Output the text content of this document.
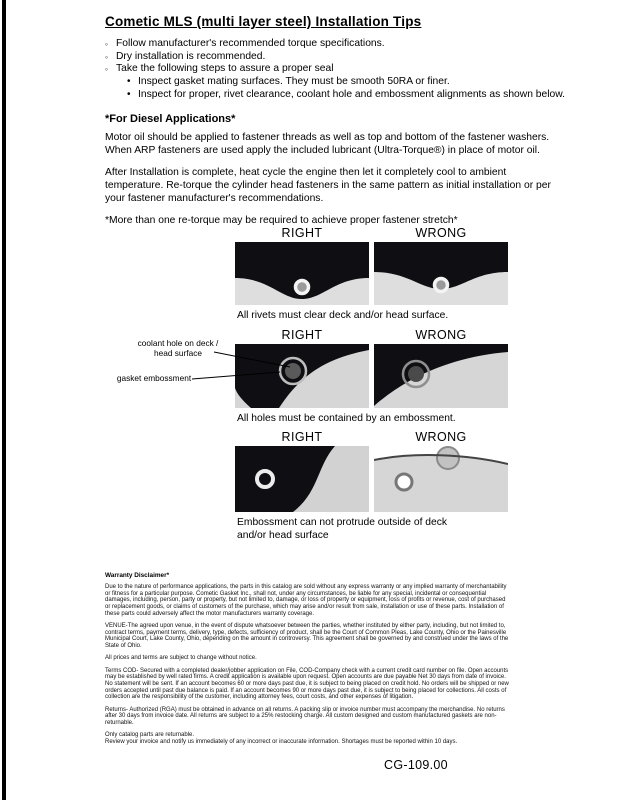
Cometic MLS (multi layer steel) Installation Tips
◦ Follow manufacturer's recommended torque specifications.
◦ Dry installation is recommended.
◦ Take the following steps to assure a proper seal
• Inspect gasket mating surfaces. They must be smooth 50RA or finer.
• Inspect for proper, rivet clearance, coolant hole and embossment alignments as shown below.
*For Diesel Applications*
Motor oil should be applied to fastener threads as well as top and bottom of the fastener washers. When ARP fasteners are used apply the included lubricant (Ultra-Torque®) in place of motor oil.
After Installation is complete, heat cycle the engine then let it completely cool to ambient temperature. Re-torque the cylinder head fasteners in the same pattern as initial installation or per your fastener manufacturer's recommendations.
*More than one re-torque may be required to achieve proper fastener stretch*
RIGHT	WRONG
All rivets must clear deck and/or head surface.
RIGHT	WRONG
All holes must be contained by an embossment.
coolant hole on deck / head surface
gasket embossment
RIGHT	WRONG
Embossment can not protrude outside of deck and/or head surface
Warranty Disclaimer*
Due to the nature of performance applications, the parts in this catalog are sold without any express warranty or any implied warranty of merchantability or fitness for a particular purpose. Cometic Gasket Inc., shall not, under any circumstances, be liable for any special, incidental or consequential damages, including, person, party or property, but not limited to, damage, or loss of property or equipment, loss of profits or revenue, cost of purchased or replacement goods, or claims of customers of the purchase, which may arise and/or result from sale, installation or use of these parts. Installation of these parts could adversely affect the motor manufacturers warranty coverage.
VENUE-The agreed upon venue, in the event of dispute whatsoever between the parties, whether instituted by either party, including, but not limited to, contract terms, payment terms, delivery, type, defects, sufficiency of product, shall be the Court of Common Pleas, Lake County, Ohio or the Painesville Municipal Court, Lake County, Ohio, depending on the amount in controversy. This agreement shall be governed by and construed under the laws of the State of Ohio.
All prices and terms are subject to change without notice.
Terms COD- Secured with a completed dealer/jobber application on File, COD-Company check with a current credit card number on file. Open accounts may be established by well rated firms. A credit application is available upon request. Open accounts are due payable Net 30 days from date of invoice. No statement will be sent. If an account becomes 60 or more days past due, it is subject to being placed on credit hold. No orders will be shipped or new orders accepted until past due balance is paid. If an account becomes 90 or more days past due, it is subject to being placed for collections. All costs of collection are the responsibility of the customer, including attorney fees, court costs, and other expenses of litigation.
Returns- Authorized (RGA) must be obtained in advance on all returns. A packing slip or invoice number must accompany the merchandise. No returns after 30 days from invoice date. All returns are subject to a 25% restocking charge. All custom designed and custom manufactured gaskets are non-returnable.
Only catalog parts are returnable.
Review your invoice and notify us immediately of any incorrect or inaccurate information. Shortages must be reported within 10 days.
CG-109.00
